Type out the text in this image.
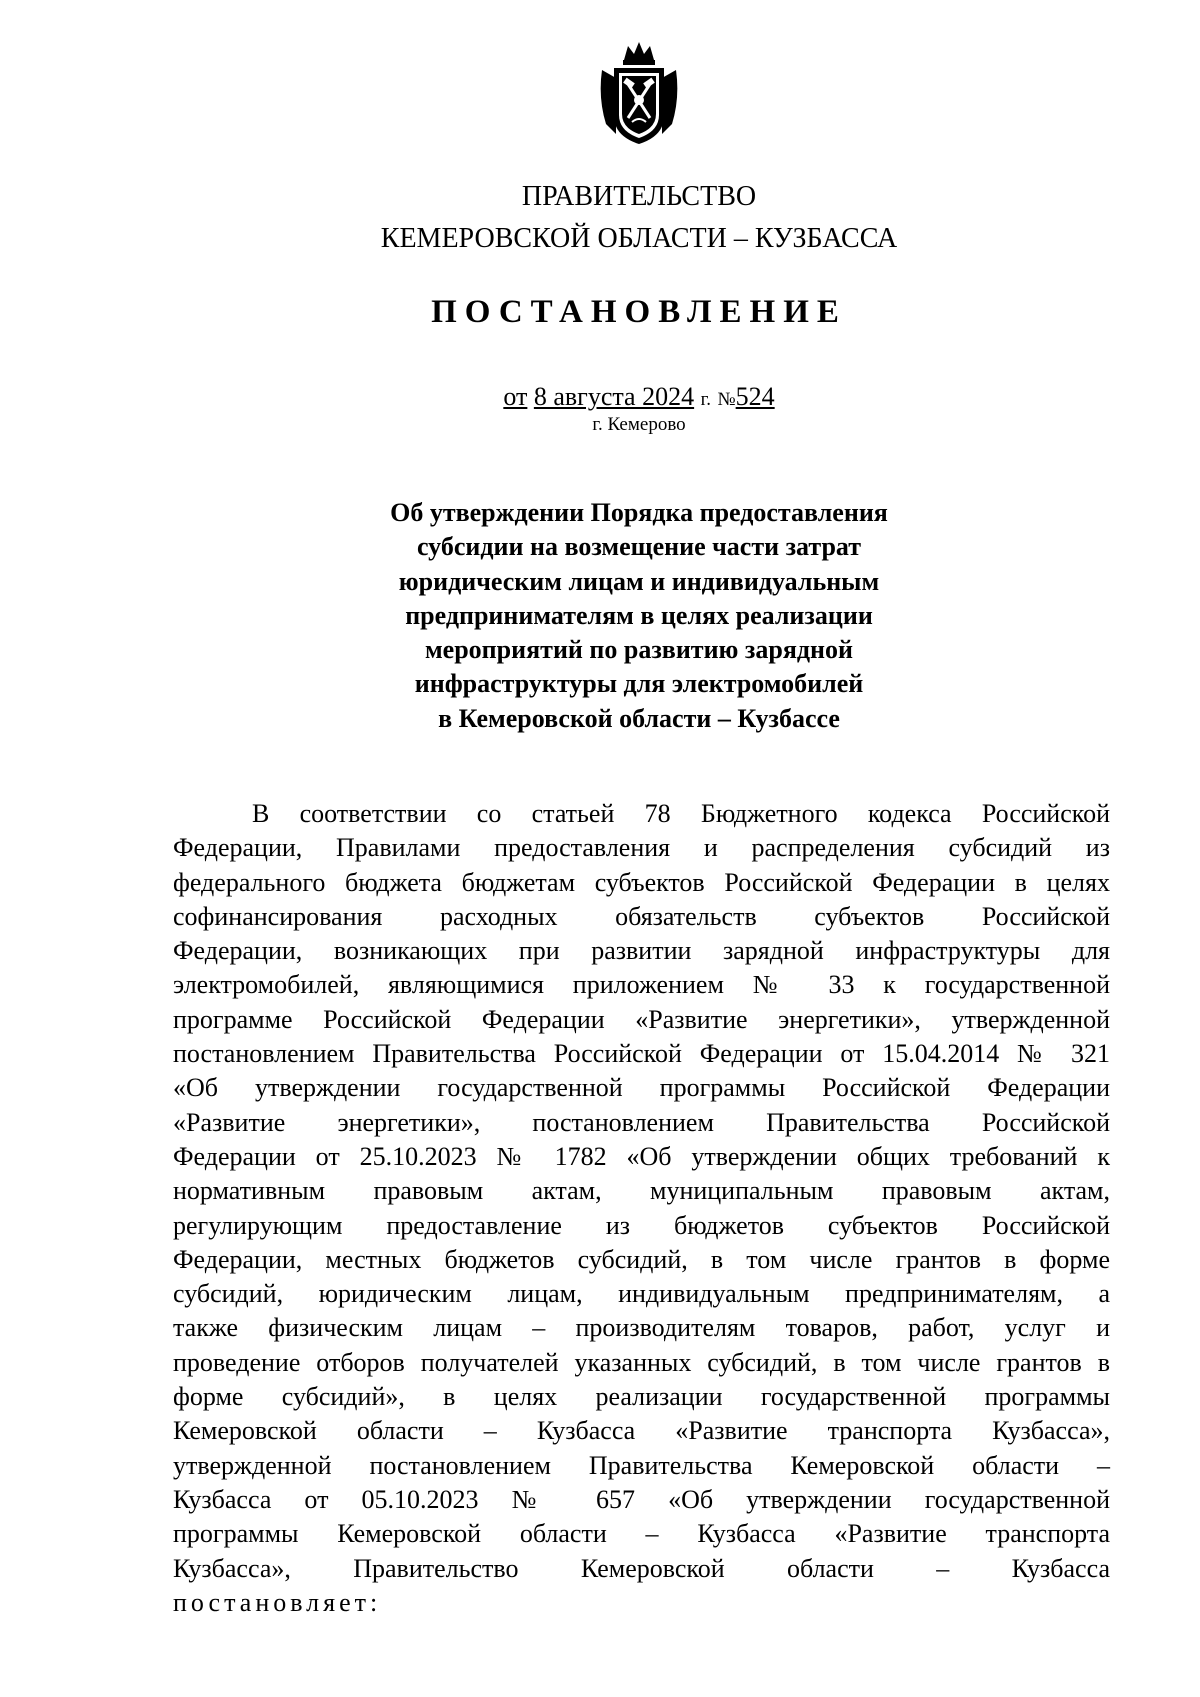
ПРАВИТЕЛЬСТВО
КЕМЕРОВСКОЙ ОБЛАСТИ – КУЗБАССА
ПОСТАНОВЛЕНИЕ
от 8 августа 2024 г. №524
г. Кемерово
Об утверждении Порядка предоставления
субсидии на возмещение части затрат
юридическим лицам и индивидуальным
предпринимателям в целях реализации
мероприятий по развитию зарядной
инфраструктуры для электромобилей
в Кемеровской области – Кузбассе
В соответствии со статьей 78 Бюджетного кодекса Российской
Федерации, Правилами предоставления и распределения субсидий из
федерального бюджета бюджетам субъектов Российской Федерации в целях
софинансирования расходных обязательств субъектов Российской
Федерации, возникающих при развитии зарядной инфраструктуры для
электромобилей, являющимися приложением № 33 к государственной
программе Российской Федерации «Развитие энергетики», утвержденной
постановлением Правительства Российской Федерации от 15.04.2014 № 321
«Об утверждении государственной программы Российской Федерации
«Развитие энергетики», постановлением Правительства Российской
Федерации от 25.10.2023 № 1782 «Об утверждении общих требований к
нормативным правовым актам, муниципальным правовым актам,
регулирующим предоставление из бюджетов субъектов Российской
Федерации, местных бюджетов субсидий, в том числе грантов в форме
субсидий, юридическим лицам, индивидуальным предпринимателям, а
также физическим лицам – производителям товаров, работ, услуг и
проведение отборов получателей указанных субсидий, в том числе грантов в
форме субсидий», в целях реализации государственной программы
Кемеровской области – Кузбасса «Развитие транспорта Кузбасса»,
утвержденной постановлением Правительства Кемеровской области –
Кузбасса от 05.10.2023 № 657 «Об утверждении государственной
программы Кемеровской области – Кузбасса «Развитие транспорта
Кузбасса», Правительство Кемеровской области – Кузбасса
постановляет:
